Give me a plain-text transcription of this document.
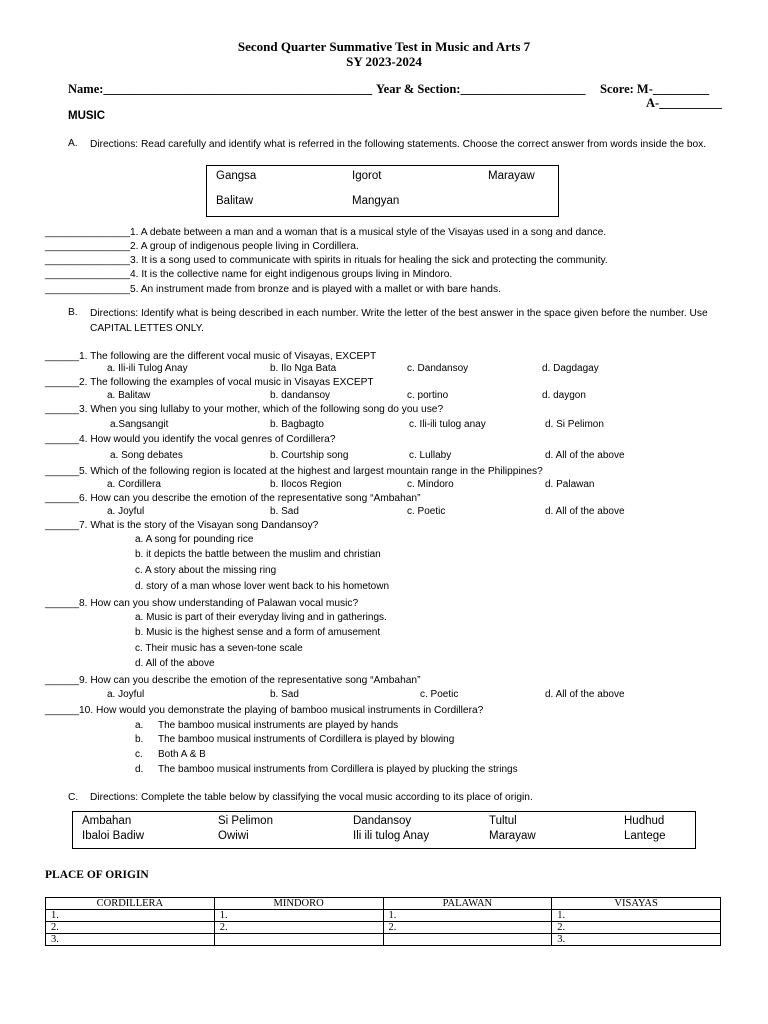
Second Quarter Summative Test in Music and Arts 7
SY 2023-2024
Name:___________________________________________ Year & Section:____________________ Score: M-_________
A-__________
MUSIC
A. Directions: Read carefully and identify what is referred in the following statements. Choose the correct answer from words inside the box.
Gangsa	Igorot	Marayaw
Balitaw	Mangyan
_______________1. A debate between a man and a woman that is a musical style of the Visayas used in a song and dance.
_______________2. A group of indigenous people living in Cordillera.
_______________3. It is a song used to communicate with spirits in rituals for healing the sick and protecting the community.
_______________4. It is the collective name for eight indigenous groups living in Mindoro.
_______________5. An instrument made from bronze and is played with a mallet or with bare hands.
B. Directions: Identify what is being described in each number. Write the letter of the best answer in the space given before the number. Use CAPITAL LETTES ONLY.
______1. The following are the different vocal music of Visayas, EXCEPT
a. Ili-ili Tulog Anay	b. Ilo Nga Bata	c. Dandansoy	d. Dagdagay
______2. The following the examples of vocal music in Visayas EXCEPT
a. Balitaw	b. dandansoy	c. portino	d. daygon
______3. When you sing lullaby to your mother, which of the following song do you use?
a.Sangsangit	b. Bagbagto	c. Ili-ili tulog anay	d. Si Pelimon
______4. How would you identify the vocal genres of Cordillera?
a. Song debates	b. Courtship song	c. Lullaby	d. All of the above
______5. Which of the following region is located at the highest and largest mountain range in the Philippines?
a. Cordillera	b. Ilocos Region	c. Mindoro	d. Palawan
______6. How can you describe the emotion of the representative song “Ambahan”
a. Joyful	b. Sad	c. Poetic	d. All of the above
______7. What is the story of the Visayan song Dandansoy?
a. A song for pounding rice
b. it depicts the battle between the muslim and christian
c. A story about the missing ring
d. story of a man whose lover went back to his hometown
______8. How can you show understanding of Palawan vocal music?
a. Music is part of their everyday living and in gatherings.
b. Music is the highest sense and a form of amusement
c. Their music has a seven-tone scale
d. All of the above
______9. How can you describe the emotion of the representative song “Ambahan”
a. Joyful	b. Sad	c. Poetic	d. All of the above
______10. How would you demonstrate the playing of bamboo musical instruments in Cordillera?
a. The bamboo musical instruments are played by hands
b. The bamboo musical instruments of Cordillera is played by blowing
c. Both A & B
d. The bamboo musical instruments from Cordillera is played by plucking the strings
C. Directions: Complete the table below by classifying the vocal music according to its place of origin.
Ambahan	Si Pelimon	Dandansoy	Tultul	Hudhud
Ibaloi Badiw	Owiwi	Ili ili tulog Anay	Marayaw	Lantege
PLACE OF ORIGIN
CORDILLERA	MINDORO	PALAWAN	VISAYAS
1.	1.	1.	1.
2.	2.	2.	2.
3.			3.
